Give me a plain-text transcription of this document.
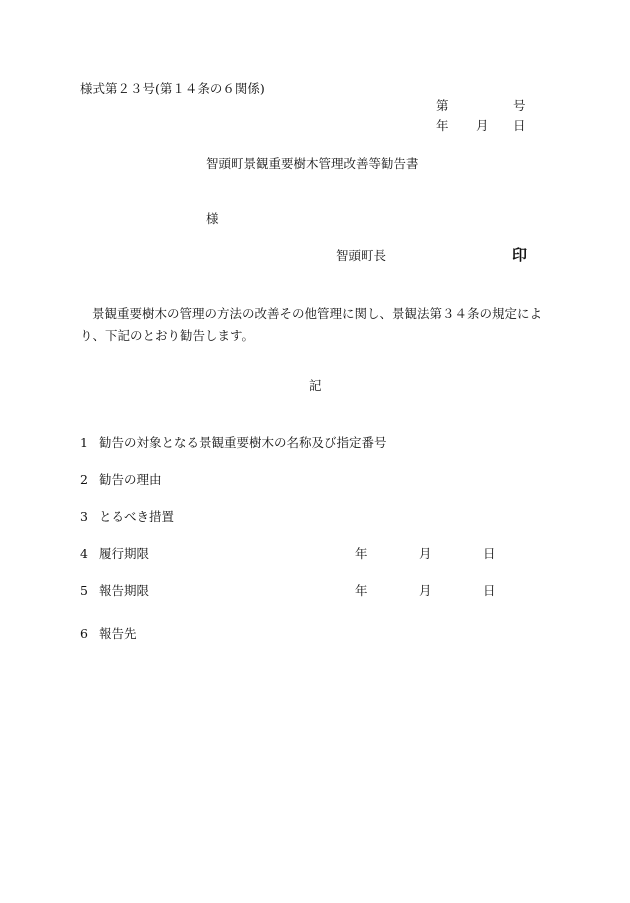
様式第２３号(第１４条の６関係)
第	号
年 月 日
智頭町景観重要樹木管理改善等勧告書
様
智頭町長	印
景観重要樹木の管理の方法の改善その他管理に関し、景観法第３４条の規定により、下記のとおり勧告します。
記
1 勧告の対象となる景観重要樹木の名称及び指定番号
2 勧告の理由
3 とるべき措置
4 履行期限	年	月	日
5 報告期限	年	月	日
6 報告先
